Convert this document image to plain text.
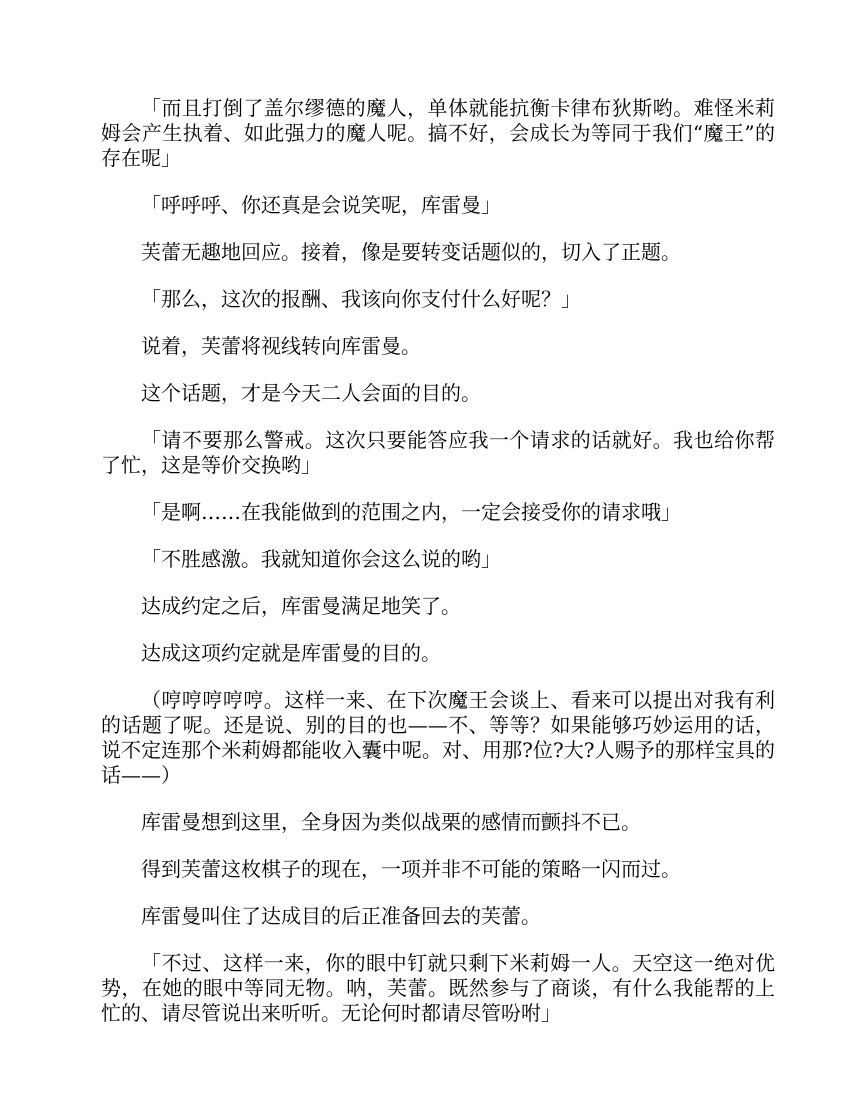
「而且打倒了盖尔缪德的魔人，单体就能抗衡卡律布狄斯哟。难怪米莉姆会产生执着、如此强力的魔人呢。搞不好，会成长为等同于我们“魔王”的存在呢」

「呼呼呼、你还真是会说笑呢，库雷曼」

芙蕾无趣地回应。接着，像是要转变话题似的，切入了正题。

「那么，这次的报酬、我该向你支付什么好呢？」

说着，芙蕾将视线转向库雷曼。

这个话题，才是今天二人会面的目的。

「请不要那么警戒。这次只要能答应我一个请求的话就好。我也给你帮了忙，这是等价交换哟」

「是啊……在我能做到的范围之内，一定会接受你的请求哦」

「不胜感激。我就知道你会这么说的哟」

达成约定之后，库雷曼满足地笑了。

达成这项约定就是库雷曼的目的。

（哼哼哼哼哼。这样一来、在下次魔王会谈上、看来可以提出对我有利的话题了呢。还是说、别的目的也——不、等等？如果能够巧妙运用的话，说不定连那个米莉姆都能收入囊中呢。对、用那?位?大?人赐予的那样宝具的话——）

库雷曼想到这里，全身因为类似战栗的感情而颤抖不已。

得到芙蕾这枚棋子的现在，一项并非不可能的策略一闪而过。

库雷曼叫住了达成目的后正准备回去的芙蕾。

「不过、这样一来，你的眼中钉就只剩下米莉姆一人。天空这一绝对优势，在她的眼中等同无物。呐，芙蕾。既然参与了商谈，有什么我能帮的上忙的、请尽管说出来听听。无论何时都请尽管吩咐」
